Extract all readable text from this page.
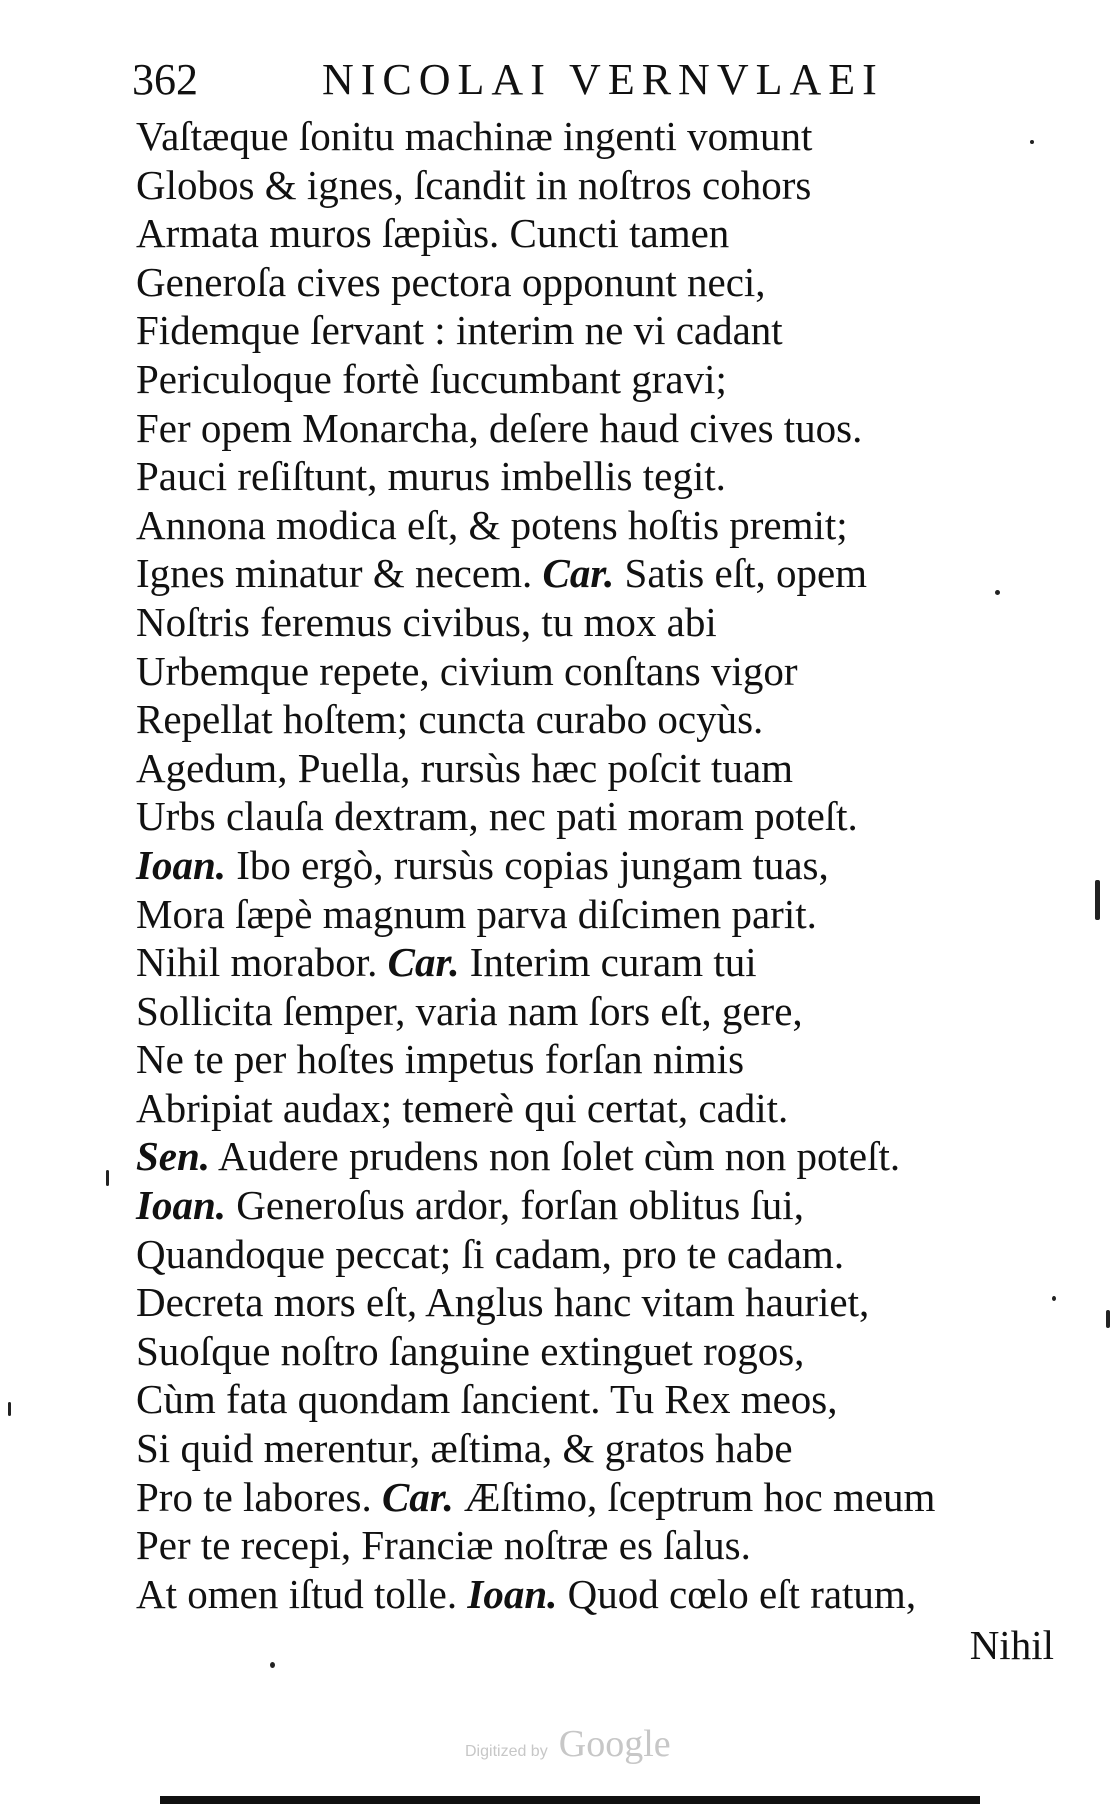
362	NICOLAI VERNVLAEI
Vaſtæque ſonitu machinæ ingenti vomunt
Globos & ignes, ſcandit in noſtros cohors
Armata muros ſæpiùs. Cuncti tamen
Generoſa cives pectora opponunt neci,
Fidemque ſervant : interim ne vi cadant
Periculoque fortè ſuccumbant gravi;
Fer opem Monarcha, deſere haud cives tuos.
Pauci reſiſtunt, murus imbellis tegit.
Annona modica eſt, & potens hoſtis premit;
Ignes minatur & necem. Car. Satis eſt, opem
Noſtris feremus civibus, tu mox abi
Urbemque repete, civium conſtans vigor
Repellat hoſtem; cuncta curabo ocyùs.
Agedum, Puella, rursùs hæc poſcit tuam
Urbs clauſa dextram, nec pati moram poteſt.
Ioan. Ibo ergò, rursùs copias jungam tuas,
Mora ſæpè magnum parva diſcimen parit.
Nihil morabor. Car. Interim curam tui
Sollicita ſemper, varia nam ſors eſt, gere,
Ne te per hoſtes impetus forſan nimis
Abripiat audax; temerè qui certat, cadit.
Sen. Audere prudens non ſolet cùm non poteſt.
Ioan. Generoſus ardor, forſan oblitus ſui,
Quandoque peccat; ſi cadam, pro te cadam.
Decreta mors eſt, Anglus hanc vitam hauriet,
Suoſque noſtro ſanguine extinguet rogos,
Cùm fata quondam ſancient. Tu Rex meos,
Si quid merentur, æſtima, & gratos habe
Pro te labores. Car. Æſtimo, ſceptrum hoc meum
Per te recepi, Franciæ noſtræ es ſalus.
At omen iſtud tolle. Ioan. Quod cœlo eſt ratum,
Nihil
Digitized by Google
